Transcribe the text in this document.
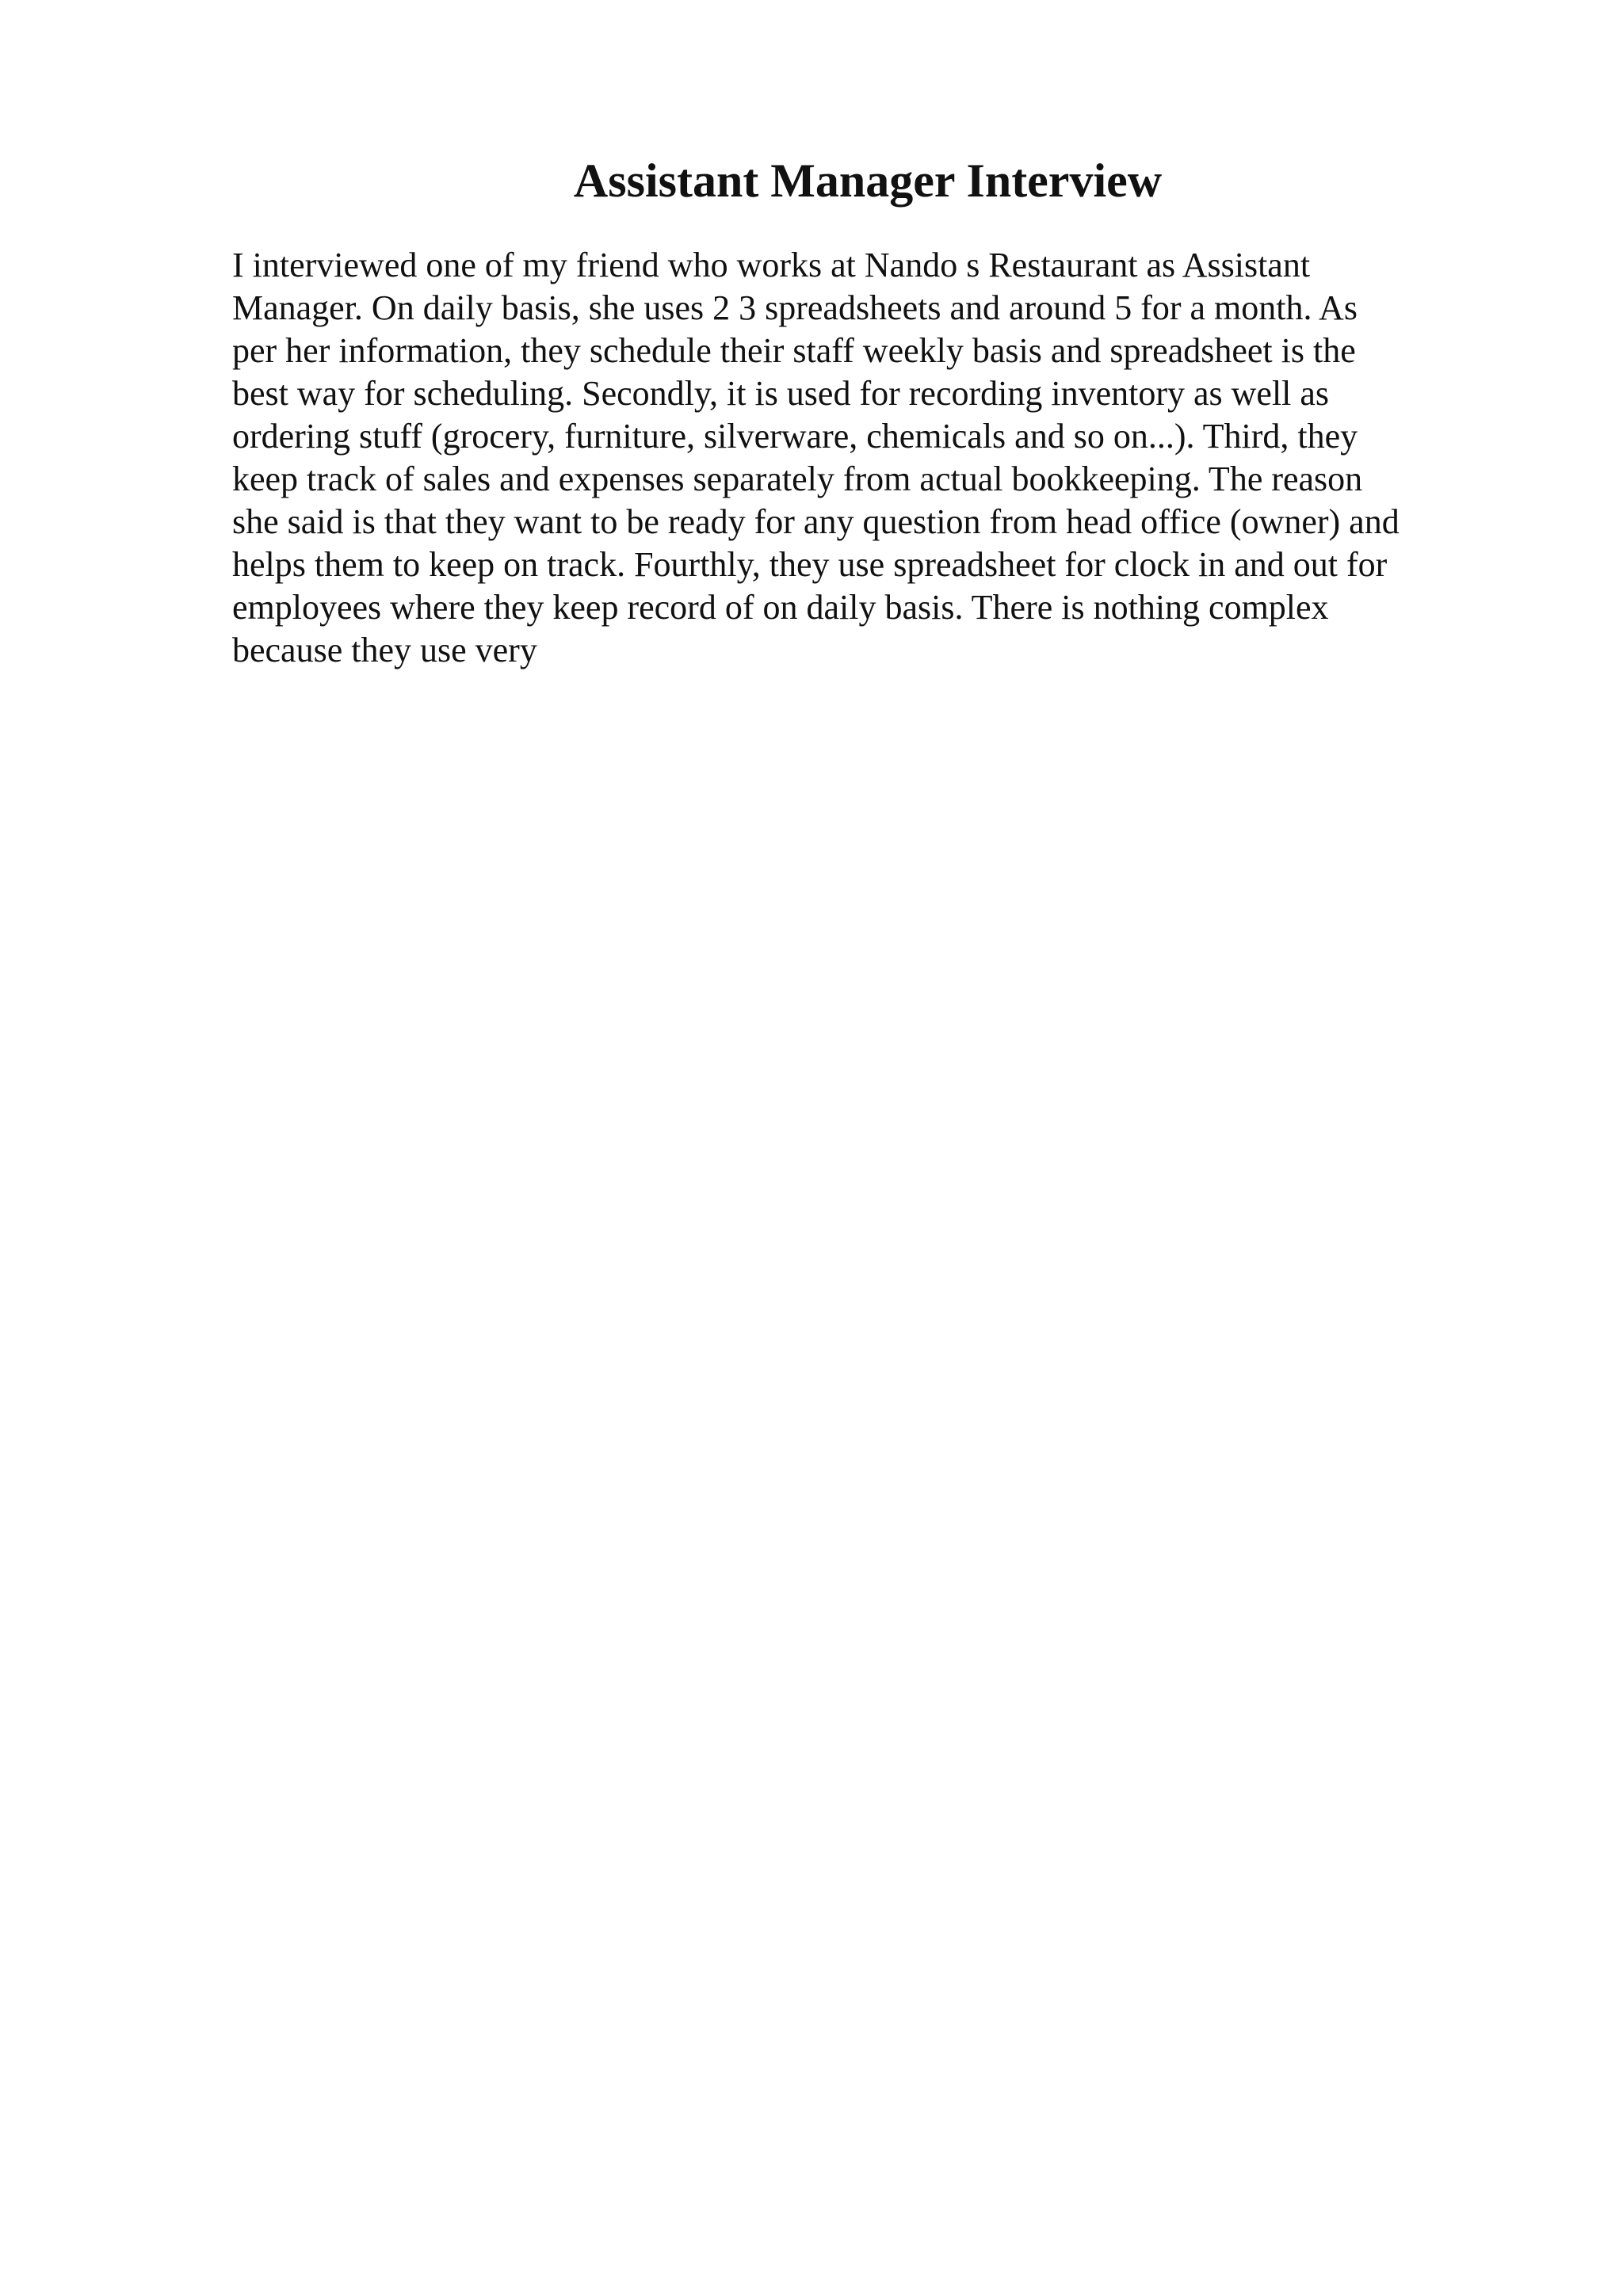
Assistant Manager Interview
I interviewed one of my friend who works at Nando s Restaurant as Assistant
Manager. On daily basis, she uses 2 3 spreadsheets and around 5 for a month. As
per her information, they schedule their staff weekly basis and spreadsheet is the
best way for scheduling. Secondly, it is used for recording inventory as well as
ordering stuff (grocery, furniture, silverware, chemicals and so on...). Third, they
keep track of sales and expenses separately from actual bookkeeping. The reason
she said is that they want to be ready for any question from head office (owner) and
helps them to keep on track. Fourthly, they use spreadsheet for clock in and out for
employees where they keep record of on daily basis. There is nothing complex
because they use very
